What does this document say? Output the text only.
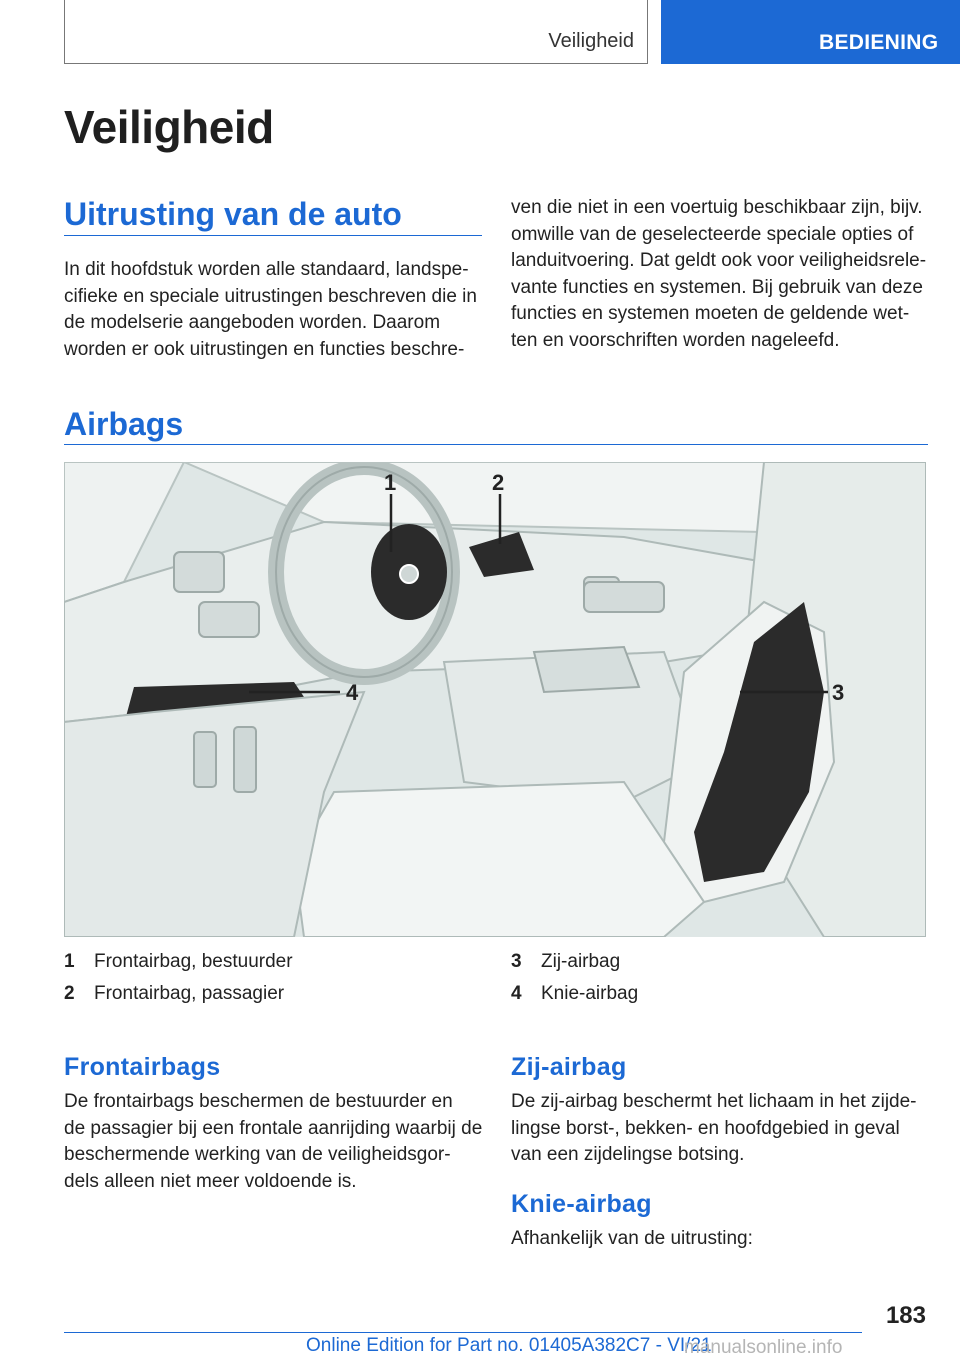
Veiligheid	BEDIENING
Veiligheid
Uitrusting van de auto

In dit hoofdstuk worden alle standaard, landspe-
cifieke en speciale uitrustingen beschreven die in
de modelserie aangeboden worden. Daarom
worden er ook uitrustingen en functies beschre-

ven die niet in een voertuig beschikbaar zijn, bijv.
omwille van de geselecteerde speciale opties of
landuitvoering. Dat geldt ook voor veiligheidsrele-
vante functies en systemen. Bij gebruik van deze
functies en systemen moeten de geldende wet-
ten en voorschriften worden nageleefd.

Airbags
1	2
3
4
1	Frontairbag, bestuurder
2	Frontairbag, passagier
3	Zij-airbag
4	Knie-airbag
Frontairbags

De frontairbags beschermen de bestuurder en
de passagier bij een frontale aanrijding waarbij de
beschermende werking van de veiligheidsgor-
dels alleen niet meer voldoende is.

Zij-airbag

De zij-airbag beschermt het lichaam in het zijde-
lingse borst-, bekken- en hoofdgebied in geval
van een zijdelingse botsing.

Knie-airbag

Afhankelijk van de uitrusting:

183
Online Edition for Part no. 01405A382C7 - VI/21
manualsonline.info
